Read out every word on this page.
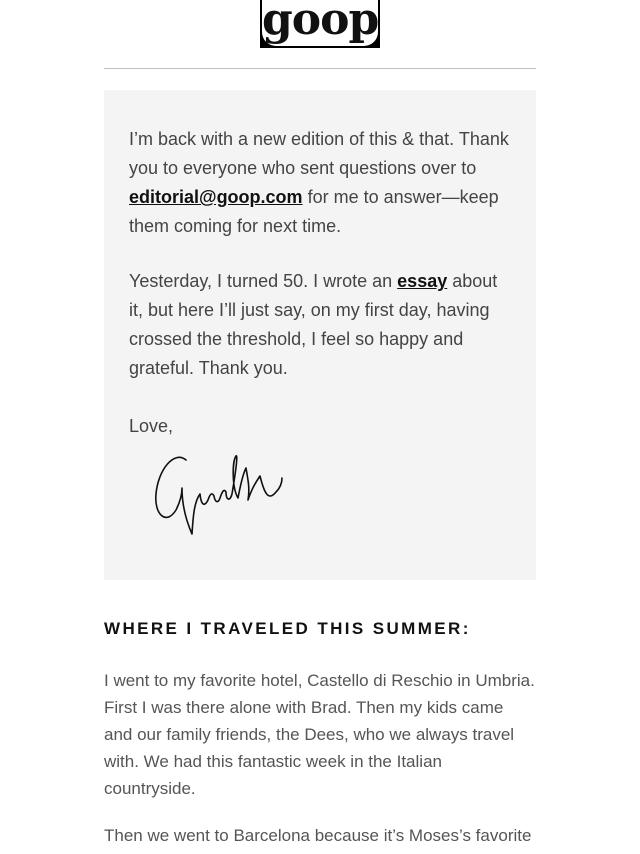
goop

I’m back with a new edition of this & that. Thank you to everyone who sent questions over to editorial@goop.com for me to answer—keep them coming for next time.

Yesterday, I turned 50. I wrote an essay about it, but here I’ll just say, on my first day, having crossed the threshold, I feel so happy and grateful. Thank you.

Love,

WHERE I TRAVELED THIS SUMMER:

I went to my favorite hotel, Castello di Reschio in Umbria. First I was there alone with Brad. Then my kids came and our family friends, the Dees, who we always travel with. We had this fantastic week in the Italian countryside.

Then we went to Barcelona because it’s Moses’s favorite
